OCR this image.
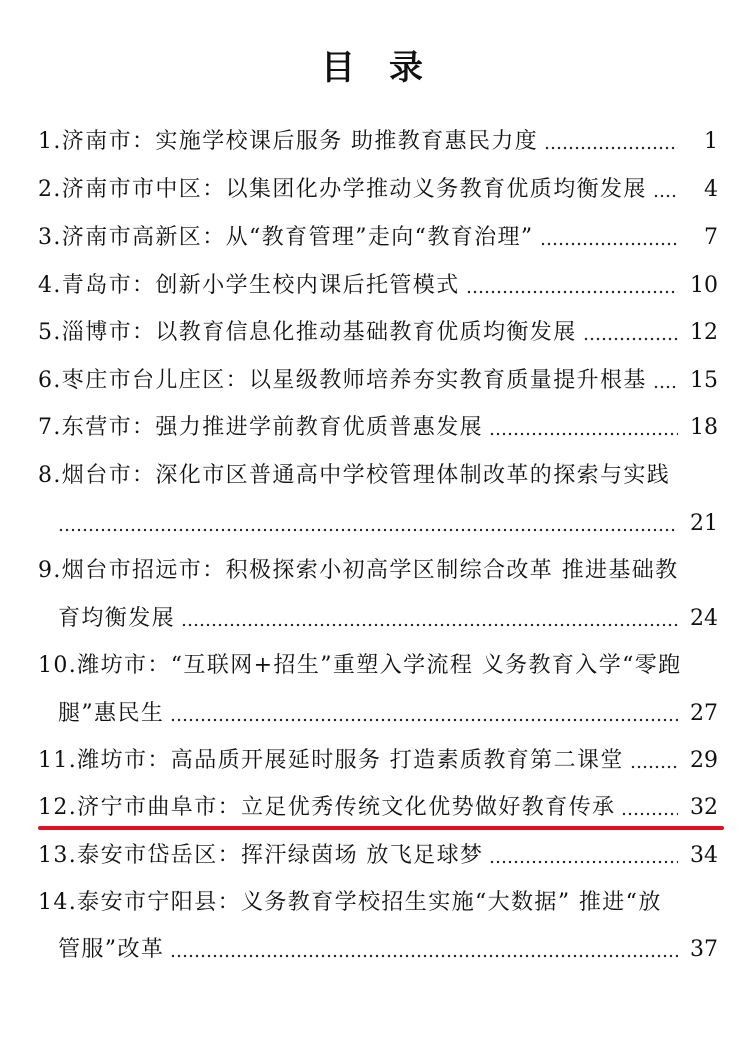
目 录
1.济南市：实施学校课后服务 助推教育惠民力度	1
2.济南市市中区：以集团化办学推动义务教育优质均衡发展	4
3.济南市高新区：从“教育管理”走向“教育治理”	7
4.青岛市：创新小学生校内课后托管模式	10
5.淄博市：以教育信息化推动基础教育优质均衡发展	12
6.枣庄市台儿庄区：以星级教师培养夯实教育质量提升根基 15
7.东营市：强力推进学前教育优质普惠发展	18
8.烟台市：深化市区普通高中学校管理体制改革的探索与实践
21
9.烟台市招远市：积极探索小初高学区制综合改革 推进基础教
育均衡发展	24
10.潍坊市：“互联网+招生”重塑入学流程 义务教育入学“零跑
腿”惠民生	27
11.潍坊市：高品质开展延时服务 打造素质教育第二课堂	29
12.济宁市曲阜市：立足优秀传统文化优势做好教育传承	32
13.泰安市岱岳区：挥汗绿茵场 放飞足球梦	34
14.泰安市宁阳县：义务教育学校招生实施“大数据” 推进“放
管服”改革	37
